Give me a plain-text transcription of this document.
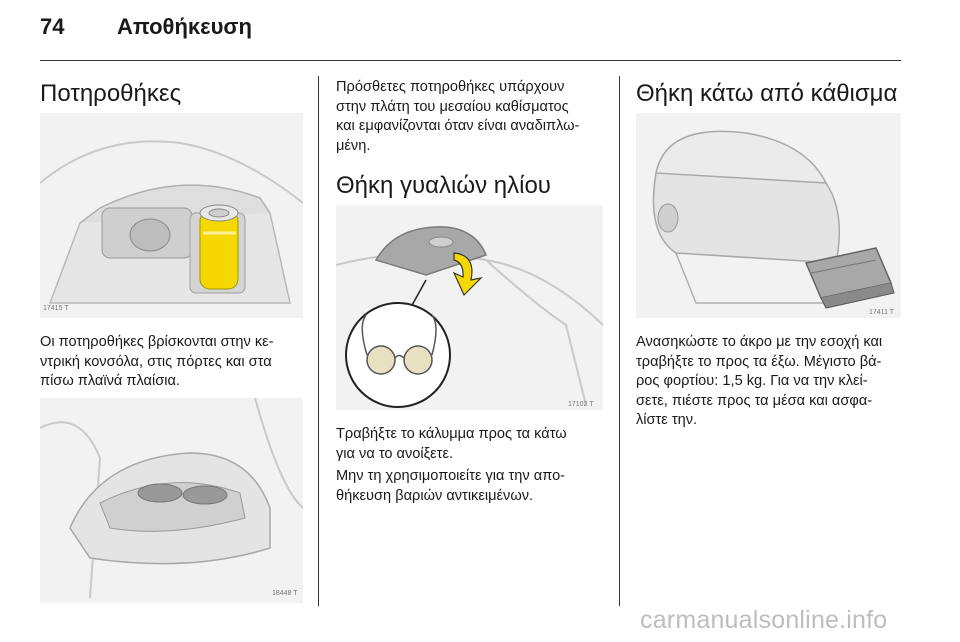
74 Αποθήκευση
Ποτηροθήκες
17415 T

Οι ποτηροθήκες βρίσκονται στην κε-
ντρική κονσόλα, στις πόρτες και στα
πίσω πλαϊνά πλαίσια.

18448 T

Πρόσθετες ποτηροθήκες υπάρχουν
στην πλάτη του μεσαίου καθίσματος
και εμφανίζονται όταν είναι αναδιπλω-
μένη.

Θήκη γυαλιών ηλίου
17102 T

Τραβήξτε το κάλυμμα προς τα κάτω
για να το ανοίξετε.

Μην τη χρησιμοποιείτε για την απο-
θήκευση βαριών αντικειμένων.

Θήκη κάτω από κάθισμα
17411 T

Ανασηκώστε το άκρο με την εσοχή και
τραβήξτε το προς τα έξω. Μέγιστο βά-
ρος φορτίου: 1,5 kg. Για να την κλεί-
σετε, πιέστε προς τα μέσα και ασφα-
λίστε την.

carmanualsonline.info
